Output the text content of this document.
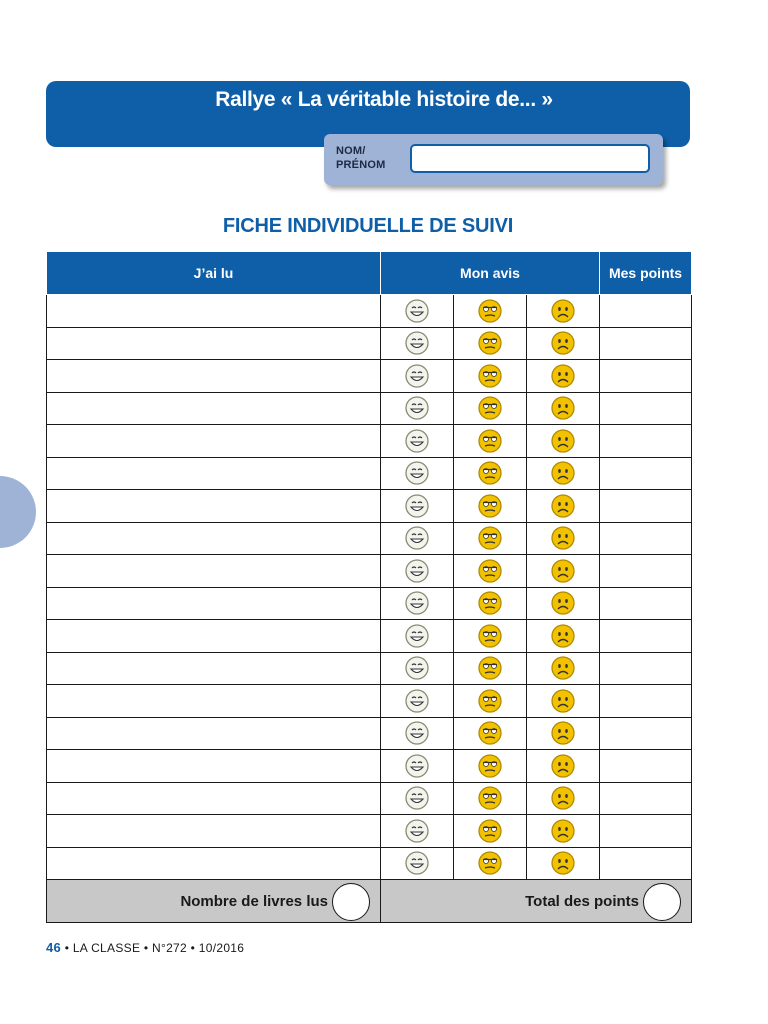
Rallye « La véritable histoire de... »
NOM/
PRÉNOM
FICHE INDIVIDUELLE DE SUIVI
J’ai lu	Mon avis			Mes points

Nombre de livres lus	Total des points			
46 • LA CLASSE • N°272 • 10/2016
